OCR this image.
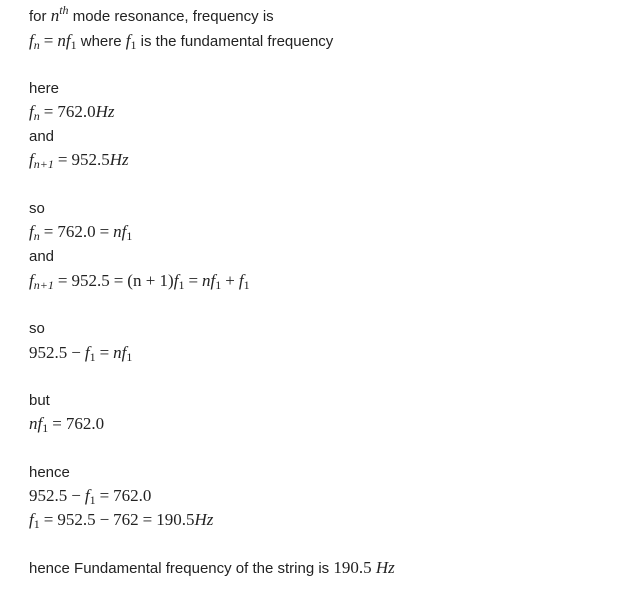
for $n^{th}$ mode resonance, frequency is
$f_n = nf_1$ where $f_1$ is the fundamental frequency
here
$f_n = 762.0Hz$
and
$f_{n+1} = 952.5Hz$
so
$f_n = 762.0 = nf_1$
and
$f_{n+1} = 952.5 = (n + 1)f_1 = nf_1 + f_1$
so
$952.5 - f_1 = nf_1$
but
$nf_1 = 762.0$
hence
$952.5 - f_1 = 762.0$
$f_1 = 952.5 - 762 = 190.5Hz$
hence Fundamental frequency of the string is 190.5 Hz
